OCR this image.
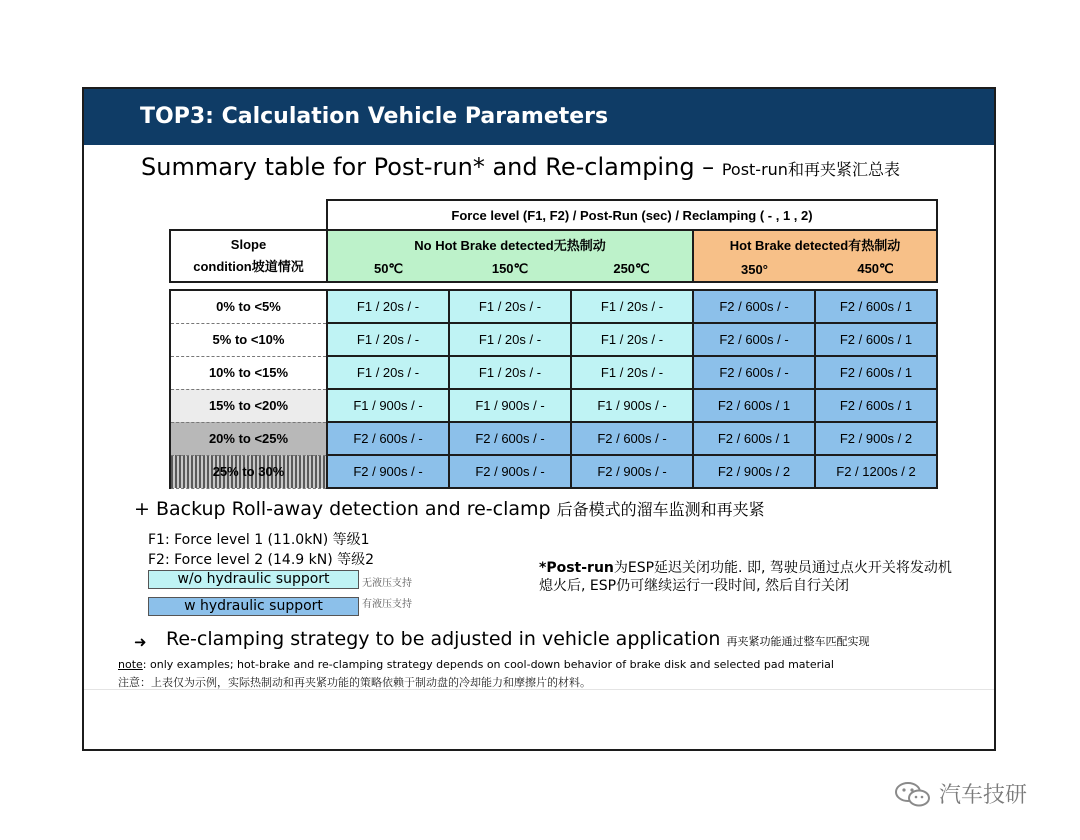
TOP3: Calculation Vehicle Parameters
Summary table for Post-run* and Re-clamping – Post-run和再夹紧汇总表
	Force level (F1, F2) / Post-Run (sec) / Reclamping ( - , 1 , 2)				
Slope
condition坡道情况	No Hot Brake detected无热制动			Hot Brake detected有热制动	
	50℃	150℃	250℃	350°	450℃

0% to <5%	F1 / 20s / -	F1 / 20s / -	F1 / 20s / -	F2 / 600s / -	F2 / 600s / 1
5% to <10%	F1 / 20s / -	F1 / 20s / -	F1 / 20s / -	F2 / 600s / -	F2 / 600s / 1
10% to <15%	F1 / 20s / -	F1 / 20s / -	F1 / 20s / -	F2 / 600s / -	F2 / 600s / 1
15% to <20%	F1 / 900s / -	F1 / 900s / -	F1 / 900s / -	F2 / 600s / 1	F2 / 600s / 1
20% to <25%	F2 / 600s / -	F2 / 600s / -	F2 / 600s / -	F2 / 600s / 1	F2 / 900s / 2
25% to 30%	F2 / 900s / -	F2 / 900s / -	F2 / 900s / -	F2 / 900s / 2	F2 / 1200s / 2
+ Backup Roll-away detection and re-clamp 后备模式的溜车监测和再夹紧
F1: Force level 1 (11.0kN) 等级1
F2: Force level 2 (14.9 kN) 等级2
w/o hydraulic support	无液压支持
w hydraulic support	有液压支持
*Post-run为ESP延迟关闭功能. 即, 驾驶员通过点火开关将发动机熄火后, ESP仍可继续运行一段时间, 然后自行关闭
➜ Re-clamping strategy to be adjusted in vehicle application 再夹紧功能通过整车匹配实现
note: only examples; hot-brake and re-clamping strategy depends on cool-down behavior of brake disk and selected pad material
注意：上表仅为示例，实际热制动和再夹紧功能的策略依赖于制动盘的冷却能力和摩擦片的材料。
汽车技研
